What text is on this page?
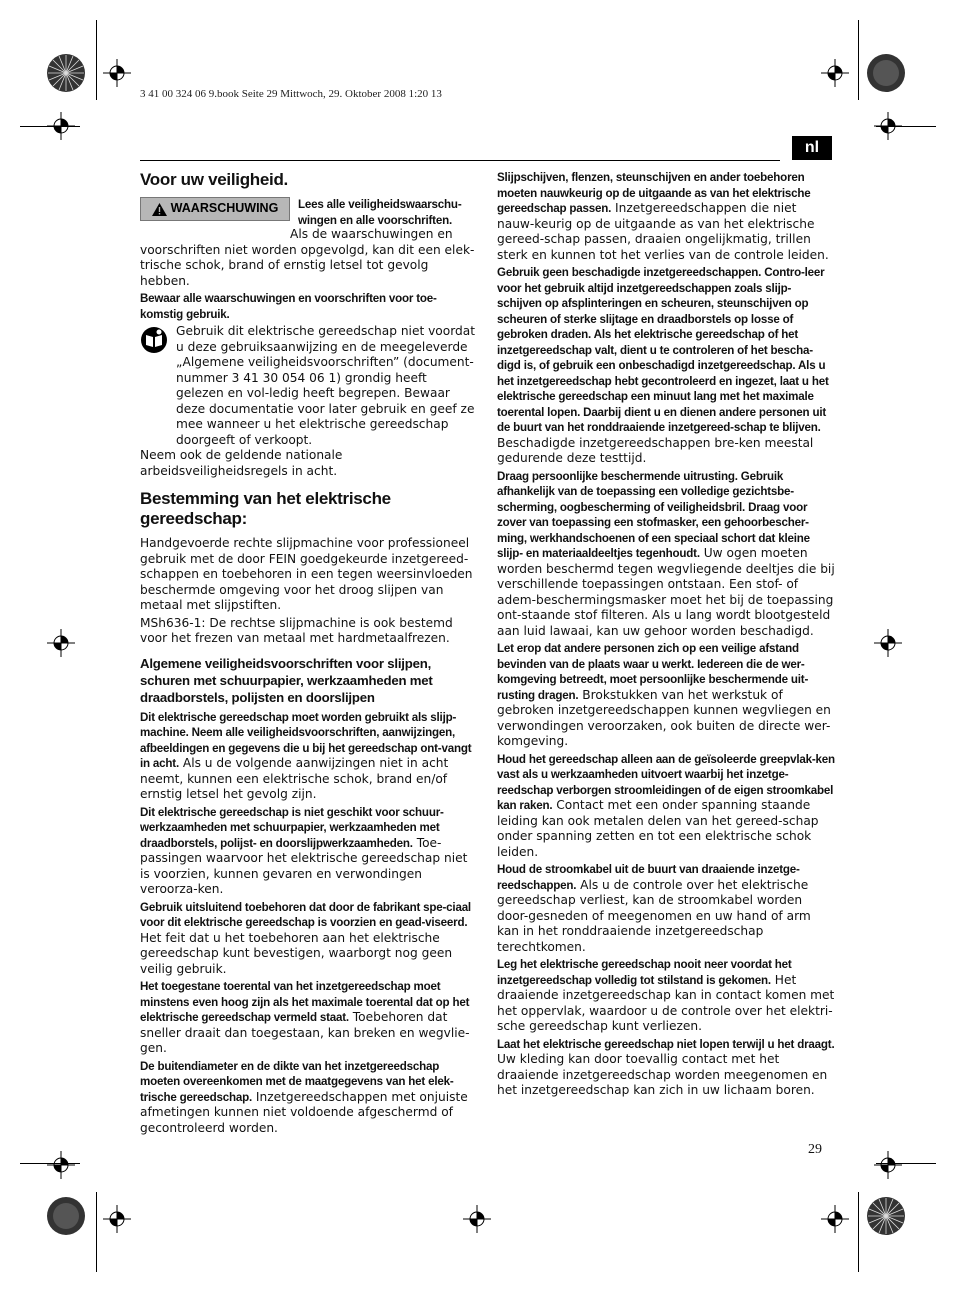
3 41 00 324 06 9.book Seite 29 Mittwoch, 29. Oktober 2008 1:20 13
nl
Voor uw veiligheid.
WAARSCHUWING Lees alle veiligheidswaarschu-wingen en alle voorschriften.

Als de waarschuwingen en voorschriften niet worden opgevolgd, kan dit een elek-trische schok, brand of ernstig letsel tot gevolg hebben.

Bewaar alle waarschuwingen en voorschriften voor toe-komstig gebruik.

Gebruik dit elektrische gereedschap niet voordat u deze gebruiksaanwijzing en de meegeleverde „Algemene veiligheidsvoorschriften” (document-nummer 3 41 30 054 06 1) grondig heeft gelezen en vol-ledig heeft begrepen. Bewaar deze documentatie voor later gebruik en geef ze mee wanneer u het elektrische gereedschap doorgeeft of verkoopt.

Neem ook de geldende nationale arbeidsveiligheidsregels in acht.

Bestemming van het elektrische gereedschap:

Handgevoerde rechte slijpmachine voor professioneel gebruik met de door FEIN goedgekeurde inzetgereed-schappen en toebehoren in een tegen weersinvloeden beschermde omgeving voor het droog slijpen van metaal met slijpstiften.

MSh636-1: De rechtse slijpmachine is ook bestemd voor het frezen van metaal met hardmetaalfrezen.

Algemene veiligheidsvoorschriften voor slijpen, schuren met schuurpapier, werkzaamheden met draadborstels, polijsten en doorslijpen

Dit elektrische gereedschap moet worden gebruikt als slijp-machine. Neem alle veiligheidsvoorschriften, aanwijzingen, afbeeldingen en gegevens die u bij het gereedschap ont-vangt in acht. Als u de volgende aanwijzingen niet in acht neemt, kunnen een elektrische schok, brand en/of ernstig letsel het gevolg zijn.

Dit elektrische gereedschap is niet geschikt voor schuur-werkzaamheden met schuurpapier, werkzaamheden met draadborstels, polijst- en doorslijpwerkzaamheden. Toe-passingen waarvoor het elektrische gereedschap niet is voorzien, kunnen gevaren en verwondingen veroorza-ken.

Gebruik uitsluitend toebehoren dat door de fabrikant spe-ciaal voor dit elektrische gereedschap is voorzien en gead-viseerd. Het feit dat u het toebehoren aan het elektrische gereedschap kunt bevestigen, waarborgt nog geen veilig gebruik.

Het toegestane toerental van het inzetgereedschap moet minstens even hoog zijn als het maximale toerental dat op het elektrische gereedschap vermeld staat. Toebehoren dat sneller draait dan toegestaan, kan breken en wegvlie-gen.

De buitendiameter en de dikte van het inzetgereedschap moeten overeenkomen met de maatgegevens van het elek-trische gereedschap. Inzetgereedschappen met onjuiste afmetingen kunnen niet voldoende afgeschermd of gecontroleerd worden.

Slijpschijven, flenzen, steunschijven en ander toebehoren moeten nauwkeurig op de uitgaande as van het elektrische gereedschap passen. Inzetgereedschappen die niet nauw-keurig op de uitgaande as van het elektrische gereed-schap passen, draaien ongelijkmatig, trillen sterk en kunnen tot het verlies van de controle leiden.

Gebruik geen beschadigde inzetgereedschappen. Contro-leer voor het gebruik altijd inzetgereedschappen zoals slijp-schijven op afsplinteringen en scheuren, steunschijven op scheuren of sterke slijtage en draadborstels op losse of gebroken draden. Als het elektrische gereedschap of het inzetgereedschap valt, dient u te controleren of het bescha-digd is, of gebruik een onbeschadigd inzetgereedschap. Als u het inzetgereedschap hebt gecontroleerd en ingezet, laat u het elektrische gereedschap een minuut lang met het maximale toerental lopen. Daarbij dient u en dienen andere personen uit de buurt van het ronddraaiende inzetgereed-schap te blijven. Beschadigde inzetgereedschappen bre-ken meestal gedurende deze testtijd.

Draag persoonlijke beschermende uitrusting. Gebruik afhankelijk van de toepassing een volledige gezichtsbe-scherming, oogbescherming of veiligheidsbril. Draag voor zover van toepassing een stofmasker, een gehoorbescher-ming, werkhandschoenen of een speciaal schort dat kleine slijp- en materiaaldeeltjes tegenhoudt. Uw ogen moeten worden beschermd tegen wegvliegende deeltjes die bij verschillende toepassingen ontstaan. Een stof- of adem-beschermingsmasker moet het bij de toepassing ont-staande stof filteren. Als u lang wordt blootgesteld aan luid lawaai, kan uw gehoor worden beschadigd.

Let erop dat andere personen zich op een veilige afstand bevinden van de plaats waar u werkt. Iedereen die de wer-komgeving betreedt, moet persoonlijke beschermende uit-rusting dragen. Brokstukken van het werkstuk of gebroken inzetgereedschappen kunnen wegvliegen en verwondingen veroorzaken, ook buiten de directe wer-komgeving.

Houd het gereedschap alleen aan de geïsoleerde greepvlak-ken vast als u werkzaamheden uitvoert waarbij het inzetge-reedschap verborgen stroomleidingen of de eigen stroomkabel kan raken. Contact met een onder spanning staande leiding kan ook metalen delen van het gereed-schap onder spanning zetten en tot een elektrische schok leiden.

Houd de stroomkabel uit de buurt van draaiende inzetge-reedschappen. Als u de controle over het elektrische gereedschap verliest, kan de stroomkabel worden door-gesneden of meegenomen en uw hand of arm kan in het ronddraaiende inzetgereedschap terechtkomen.

Leg het elektrische gereedschap nooit neer voordat het inzetgereedschap volledig tot stilstand is gekomen. Het draaiende inzetgereedschap kan in contact komen met het oppervlak, waardoor u de controle over het elektri-sche gereedschap kunt verliezen.

Laat het elektrische gereedschap niet lopen terwijl u het draagt. Uw kleding kan door toevallig contact met het draaiende inzetgereedschap worden meegenomen en het inzetgereedschap kan zich in uw lichaam boren.

29
